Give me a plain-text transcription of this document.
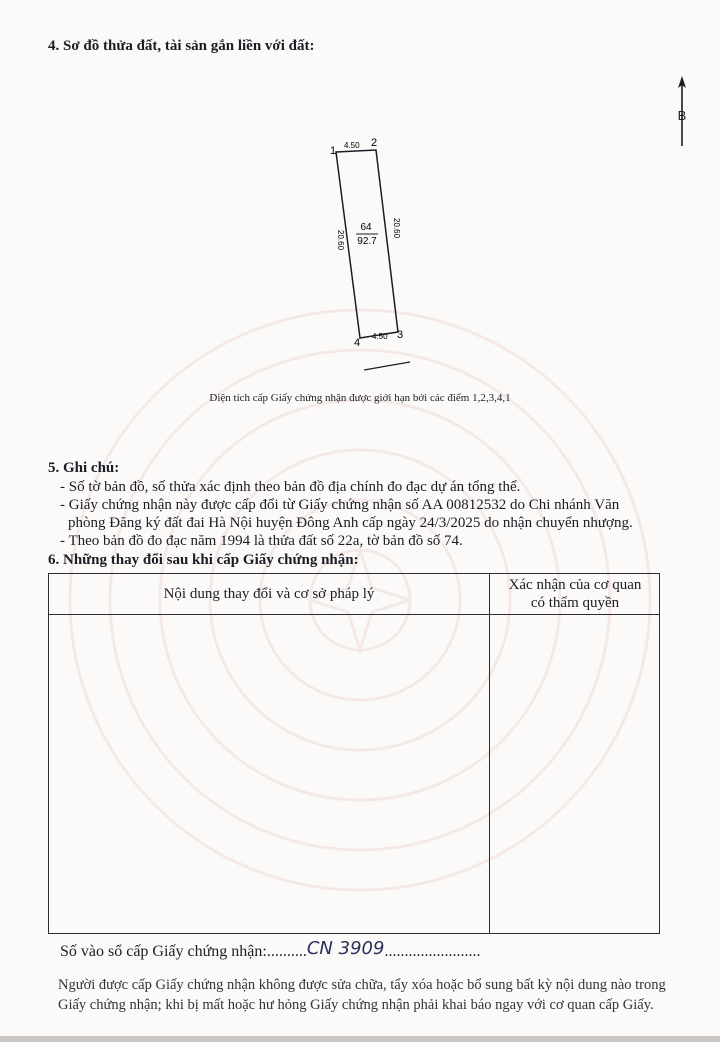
4. Sơ đồ thửa đất, tài sản gắn liền với đất:
B
1
2
3
4
4.50
4.50
20.60
20.60
64
92.7
Diện tích cấp Giấy chứng nhận được giới hạn bởi các điểm 1,2,3,4,1
5. Ghi chú:
- Số tờ bản đồ, số thửa xác định theo bản đồ địa chính đo đạc dự án tổng thể.
- Giấy chứng nhận này được cấp đổi từ Giấy chứng nhận số AA 00812532 do Chi nhánh Văn
phòng Đăng ký đất đai Hà Nội huyện Đông Anh cấp ngày 24/3/2025 do nhận chuyển nhượng.
- Theo bản đồ đo đạc năm 1994 là thửa đất số 22a, tờ bản đồ số 74.
6. Những thay đổi sau khi cấp Giấy chứng nhận:
Nội dung thay đổi và cơ sở pháp lý
Xác nhận của cơ quan
có thẩm quyền
Số vào sổ cấp Giấy chứng nhận:..........CN 3909........................
Người được cấp Giấy chứng nhận không được sửa chữa, tẩy xóa hoặc bổ sung bất kỳ nội dung nào trong
Giấy chứng nhận; khi bị mất hoặc hư hỏng Giấy chứng nhận phải khai báo ngay với cơ quan cấp Giấy.
